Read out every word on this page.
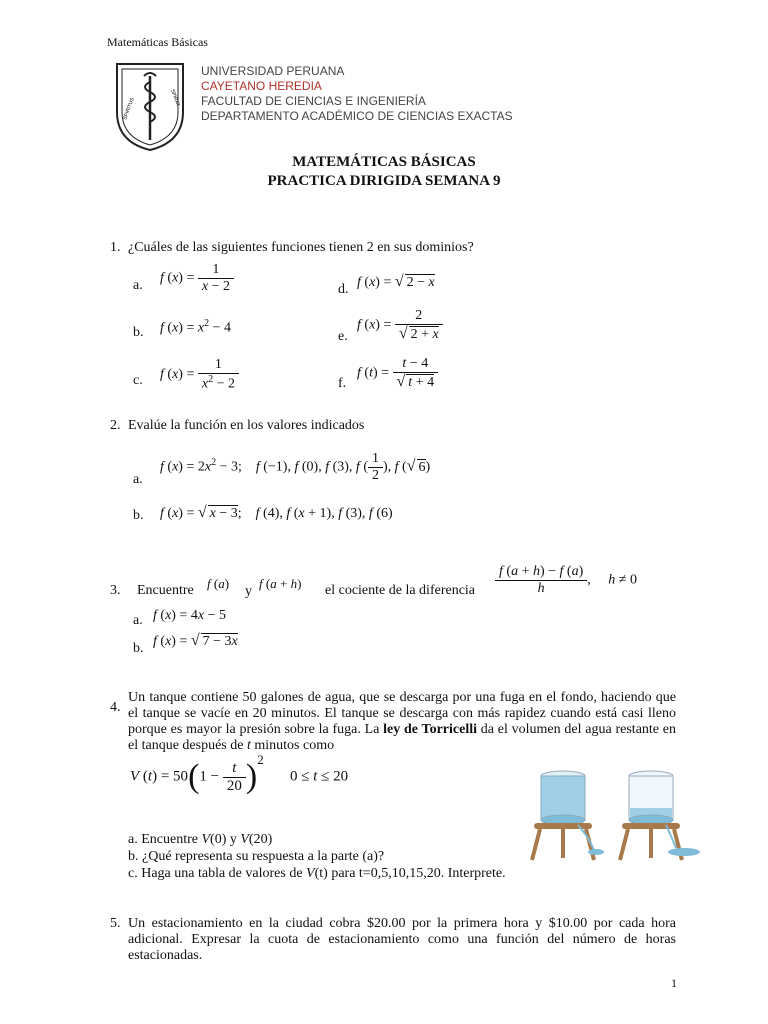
Matemáticas Básicas
SPIRITUS	SPIRAT
UNIVERSIDAD PERUANA
CAYETANO HEREDIA
FACULTAD DE CIENCIAS E INGENIERÍA
DEPARTAMENTO ACADÉMICO DE CIENCIAS EXACTAS
MATEMÁTICAS BÁSICAS
PRACTICA DIRIGIDA SEMANA 9
1. ¿Cuáles de las siguientes funciones tienen 2 en sus dominios?
a. f $(x) = \frac{1}{x - 2}$
b. f $(x) = x^2 - 4$
c. f $(x) = \frac{1}{x^2 - 2}$
d. f (x) = √ 2 − x
e.
f $(x) = \frac{2}{√ 2 + x}$
f.
f $(t) = \frac{t - 4}{√ t + 4}$
2. Evalúe la función en los valores indicados
a.
f $(x) = 2x^2 - 3$;    f (−1), f (0), f (3), f ( $\frac{1}{2}$ ), f (√ 6)
b. f (x) = √ x − 3;    f (4), f (x + 1), f (3), f (6)
3. Encuentre f (a)
y
f (a + h) el cociente de la diferencia $\frac{f (a + h) - f (a)}{h}$ ,     h ≠ 0
a. f (x) = 4x − 5
b. f (x) = √ 7 − 3x
4.
Un tanque contiene 50 galones de agua, que se descarga por una fuga en el fondo, haciendo que el tanque se vacíe en 20 minutos. El tanque se descarga con más rapidez cuando está casi lleno porque es mayor la presión sobre la fuga. La ley de Torricelli da el volumen del agua restante en el tanque después de t minutos como
V $(t) = 50(1 - \frac{t}{20} )^2$       0 ≤ t ≤ 20
a. Encuentre V(0) y V(20)
b. ¿Qué representa su respuesta a la parte (a)?
c. Haga una tabla de valores de V(t) para t=0,5,10,15,20. Interprete.
5. Un estacionamiento en la ciudad cobra $20.00 por la primera hora y $10.00 por cada hora adicional. Expresar la cuota de estacionamiento como una función del número de horas estacionadas.
1
